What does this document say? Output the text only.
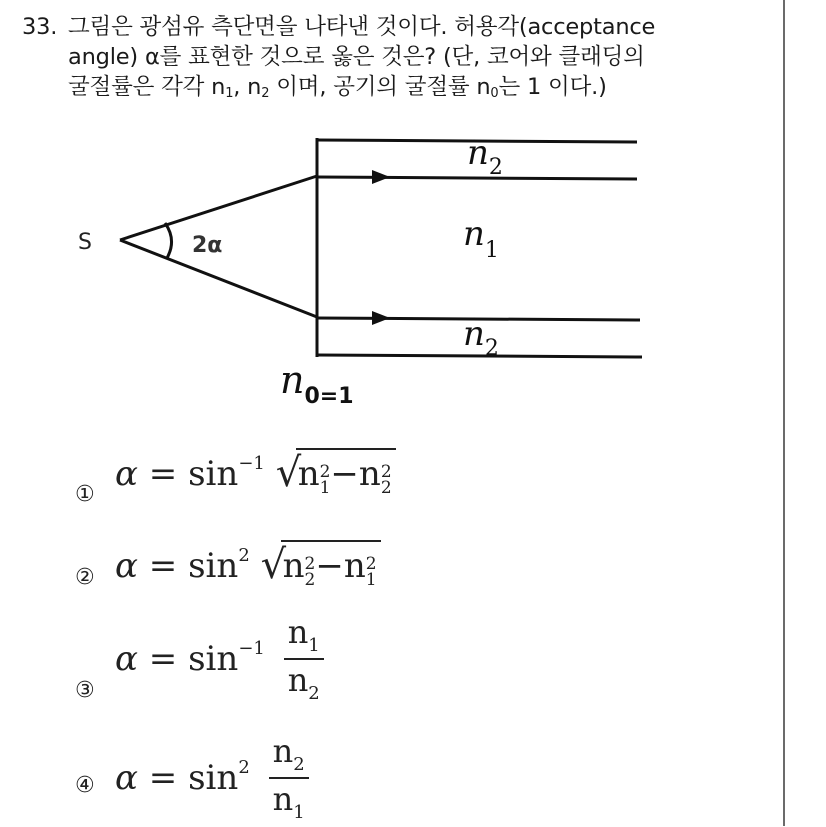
33. 그림은 광섬유 측단면을 나타낸 것이다. 허용각(acceptance
angle) α를 표현한 것으로 옳은 것은? (단, 코어와 클래딩의
굴절률은 각각 $n_1$, $n_2$ 이며, 공기의 굴절률 $n_0$는 1 이다.)
S	2α
$n_2$
$n_1$
$n_2$
$n_{0=1}$
①
$\alpha = \sin^{-1}$ √
n 2
1 −n 2
2
② $\alpha = \sin^2$ √
n 2
2 −n 2
1
③
$\alpha = \sin^{-1} \frac{n_1}{n_2}$
④ $\alpha = \sin^2 \frac{n_2}{n_1}$
